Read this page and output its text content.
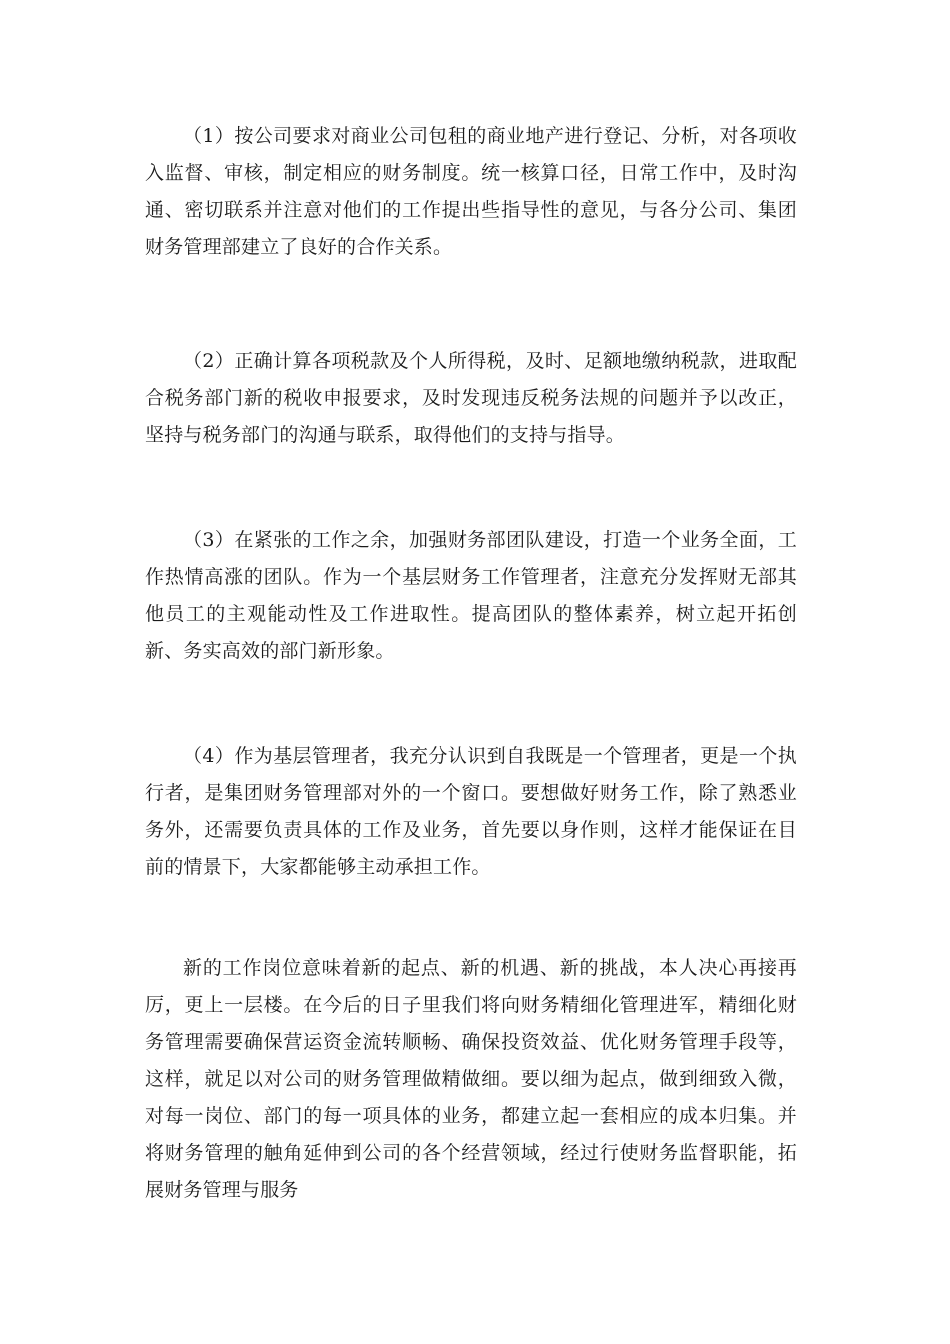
（1）按公司要求对商业公司包租的商业地产进行登记、分析，对各项收入监督、审核，制定相应的财务制度。统一核算口径，日常工作中，及时沟通、密切联系并注意对他们的工作提出些指导性的意见，与各分公司、集团财务管理部建立了良好的合作关系。

（2）正确计算各项税款及个人所得税，及时、足额地缴纳税款，进取配合税务部门新的税收申报要求，及时发现违反税务法规的问题并予以改正，坚持与税务部门的沟通与联系，取得他们的支持与指导。

（3）在紧张的工作之余，加强财务部团队建设，打造一个业务全面，工作热情高涨的团队。作为一个基层财务工作管理者，注意充分发挥财无部其他员工的主观能动性及工作进取性。提高团队的整体素养，树立起开拓创新、务实高效的部门新形象。

（4）作为基层管理者，我充分认识到自我既是一个管理者，更是一个执行者，是集团财务管理部对外的一个窗口。要想做好财务工作，除了熟悉业务外，还需要负责具体的工作及业务，首先要以身作则，这样才能保证在目前的情景下，大家都能够主动承担工作。

新的工作岗位意味着新的起点、新的机遇、新的挑战，本人决心再接再厉，更上一层楼。在今后的日子里我们将向财务精细化管理进军，精细化财务管理需要确保营运资金流转顺畅、确保投资效益、优化财务管理手段等，这样，就足以对公司的财务管理做精做细。要以细为起点，做到细致入微，对每一岗位、部门的每一项具体的业务，都建立起一套相应的成本归集。并将财务管理的触角延伸到公司的各个经营领域，经过行使财务监督职能，拓展财务管理与服务
